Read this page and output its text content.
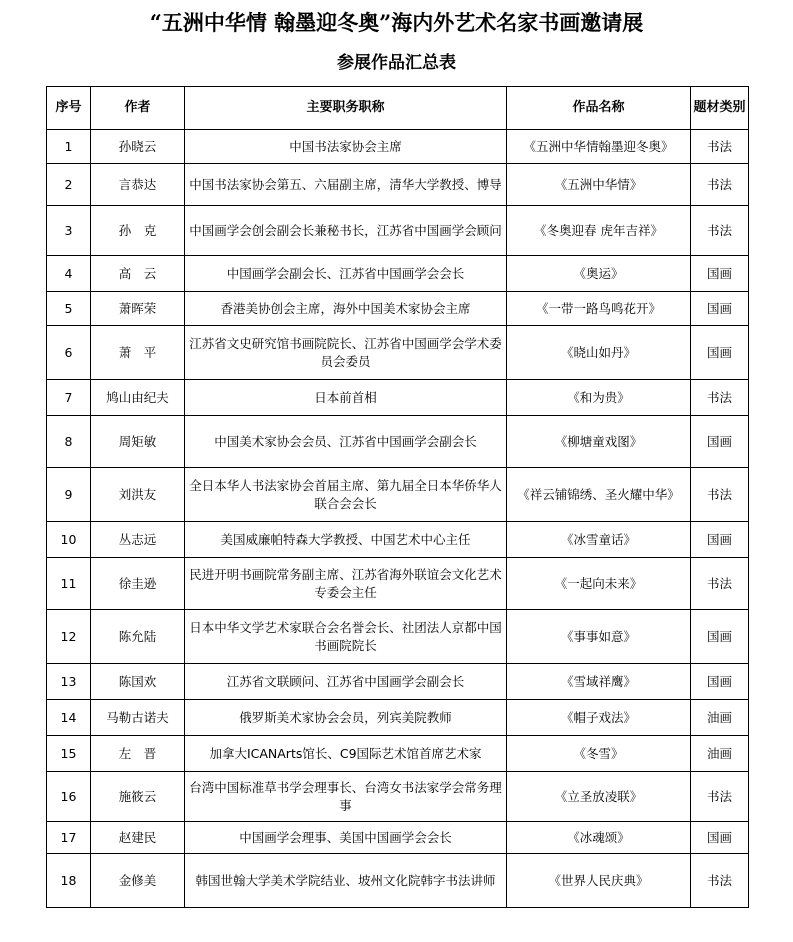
“五洲中华情 翰墨迎冬奥”海内外艺术名家书画邀请展
参展作品汇总表
序号	作者	主要职务职称	作品名称	题材类别
1	孙晓云	中国书法家协会主席	《五洲中华情翰墨迎冬奥》	书法
2	言恭达	中国书法家协会第五、六届副主席，清华大学教授、博导	《五洲中华情》	书法
3	孙　克	中国画学会创会副会长兼秘书长，江苏省中国画学会顾问	《冬奥迎春 虎年吉祥》	书法
4	高　云	中国画学会副会长、江苏省中国画学会会长	《奥运》	国画
5	萧晖荣	香港美协创会主席，海外中国美术家协会主席	《一带一路鸟鸣花开》	国画
6	萧　平	江苏省文史研究馆书画院院长、江苏省中国画学会学术委员会委员	《晓山如丹》	国画
7	鸠山由纪夫	日本前首相	《和为贵》	书法
8	周矩敏	中国美术家协会会员、江苏省中国画学会副会长	《柳塘童戏图》	国画
9	刘洪友	全日本华人书法家协会首届主席、第九届全日本华侨华人联合会会长	《祥云铺锦绣、圣火耀中华》	书法
10	丛志远	美国威廉帕特森大学教授、中国艺术中心主任	《冰雪童话》	国画
11	徐圭逊	民进开明书画院常务副主席、江苏省海外联谊会文化艺术专委会主任	《一起向未来》	书法
12	陈允陆	日本中华文学艺术家联合会名誉会长、社团法人京都中国书画院院长	《事事如意》	国画
13	陈国欢	江苏省文联顾问、江苏省中国画学会副会长	《雪域祥鹰》	国画
14	马勒古诺夫	俄罗斯美术家协会会员，列宾美院教师	《帽子戏法》	油画
15	左　晋	加拿大ICANArts馆长、C9国际艺术馆首席艺术家	《冬雪》	油画
16	施筱云	台湾中国标准草书学会理事长、台湾女书法家学会常务理事	《立圣放凌联》	书法
17	赵建民	中国画学会理事、美国中国画学会会长	《冰魂颂》	国画
18	金修美	韩国世翰大学美术学院结业、坡州文化院韩字书法讲师	《世界人民庆典》	书法
